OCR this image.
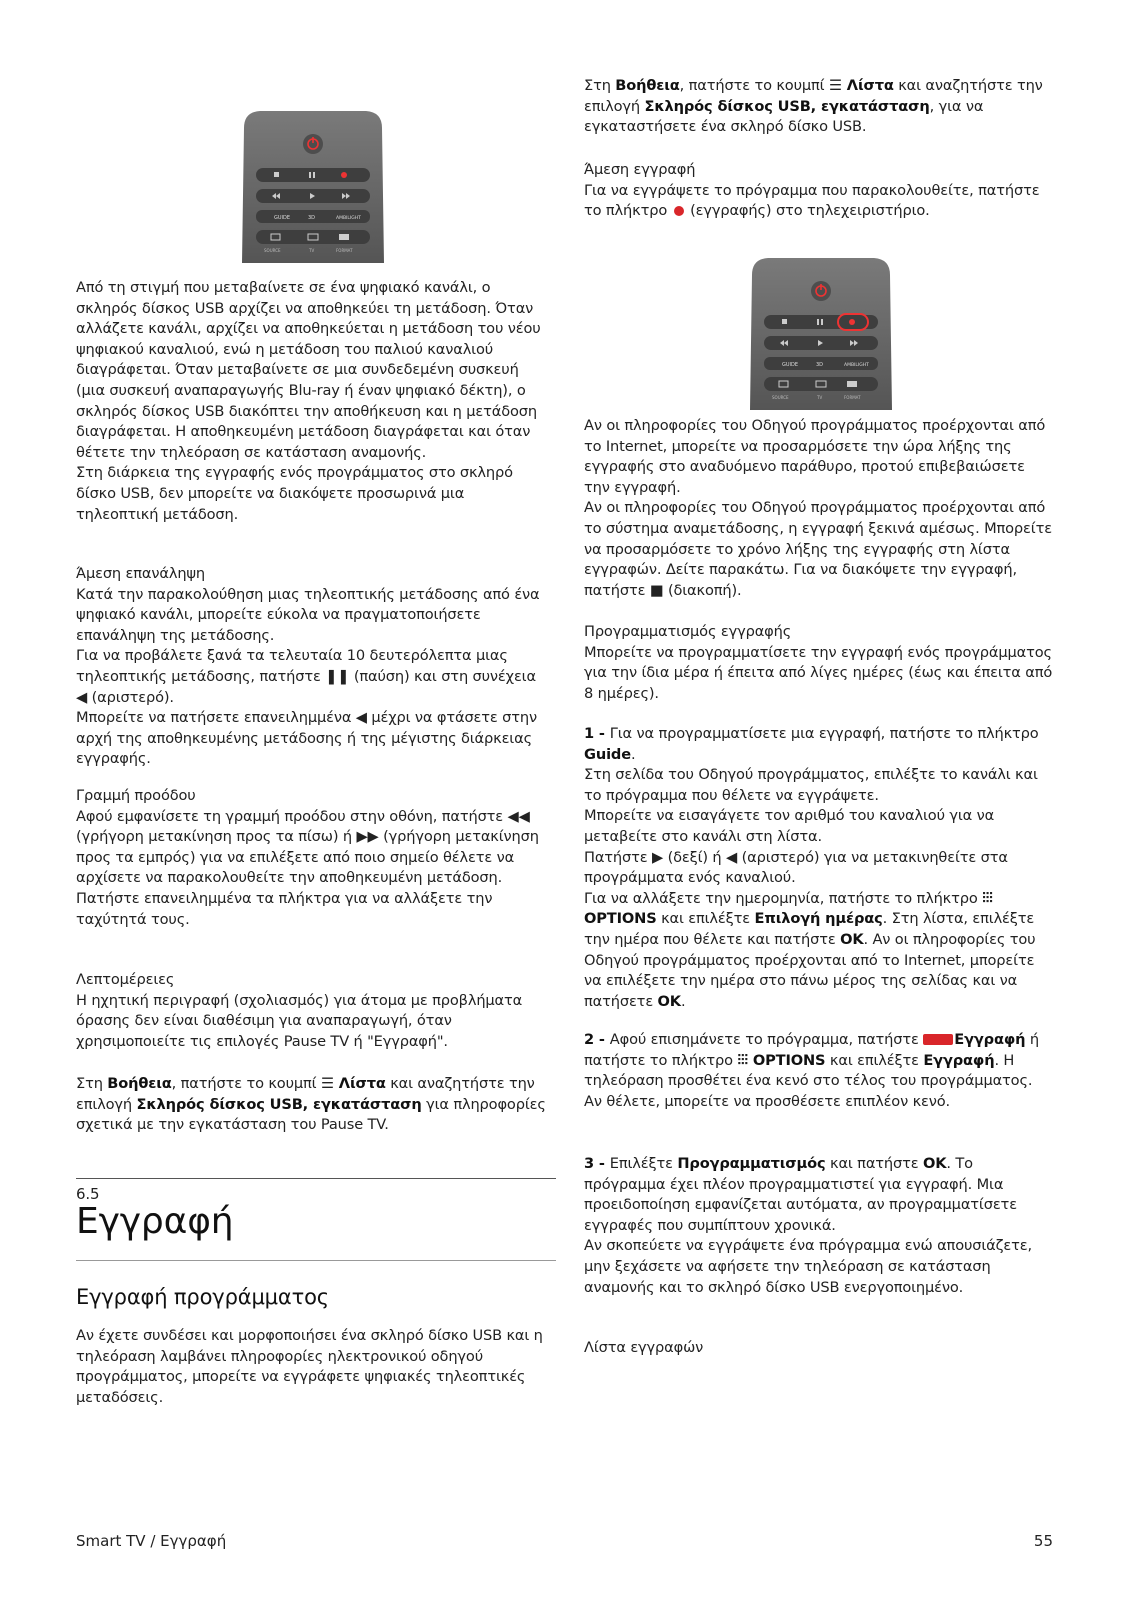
GUIDE	3D	AMBILIGHT
SOURCE	TV	FORMAT
GUIDE	3D	AMBILIGHT
SOURCE	TV	FORMAT

Από τη στιγμή που μεταβαίνετε σε ένα ψηφιακό κανάλι, ο σκληρός δίσκος USB αρχίζει να αποθηκεύει τη μετάδοση. Όταν αλλάζετε κανάλι, αρχίζει να αποθηκεύεται η μετάδοση του νέου ψηφιακού καναλιού, ενώ η μετάδοση του παλιού καναλιού διαγράφεται. Όταν μεταβαίνετε σε μια συνδεδεμένη συσκευή (μια συσκευή αναπαραγωγής Blu-ray ή έναν ψηφιακό δέκτη), ο σκληρός δίσκος USB διακόπτει την αποθήκευση και η μετάδοση διαγράφεται. Η αποθηκευμένη μετάδοση διαγράφεται και όταν θέτετε την τηλεόραση σε κατάσταση αναμονής.

Στη διάρκεια της εγγραφής ενός προγράμματος στο σκληρό δίσκο USB, δεν μπορείτε να διακόψετε προσωρινά μια τηλεοπτική μετάδοση.

Άμεση επανάληψη

Κατά την παρακολούθηση μιας τηλεοπτικής μετάδοσης από ένα ψηφιακό κανάλι, μπορείτε εύκολα να πραγματοποιήσετε επανάληψη της μετάδοσης.

Για να προβάλετε ξανά τα τελευταία 10 δευτερόλεπτα μιας τηλεοπτικής μετάδοσης, πατήστε ❚❚ (παύση) και στη συνέχεια ◀ (αριστερό).

Μπορείτε να πατήσετε επανειλημμένα ◀ μέχρι να φτάσετε στην αρχή της αποθηκευμένης μετάδοσης ή της μέγιστης διάρκειας εγγραφής.

Γραμμή προόδου

Αφού εμφανίσετε τη γραμμή προόδου στην οθόνη, πατήστε ◀◀ (γρήγορη μετακίνηση προς τα πίσω) ή ▶▶ (γρήγορη μετακίνηση προς τα εμπρός) για να επιλέξετε από ποιο σημείο θέλετε να αρχίσετε να παρακολουθείτε την αποθηκευμένη μετάδοση. Πατήστε επανειλημμένα τα πλήκτρα για να αλλάξετε την ταχύτητά τους.

Λεπτομέρειες

Η ηχητική περιγραφή (σχολιασμός) για άτομα με προβλήματα όρασης δεν είναι διαθέσιμη για αναπαραγωγή, όταν χρησιμοποιείτε τις επιλογές Pause TV ή "Εγγραφή".

Στη Βοήθεια, πατήστε το κουμπί ☰ Λίστα και αναζητήστε την επιλογή Σκληρός δίσκος USB, εγκατάσταση για πληροφορίες σχετικά με την εγκατάσταση του Pause TV.

6.5
Εγγραφή
Εγγραφή προγράμματος

Αν έχετε συνδέσει και μορφοποιήσει ένα σκληρό δίσκο USB και η τηλεόραση λαμβάνει πληροφορίες ηλεκτρονικού οδηγού προγράμματος, μπορείτε να εγγράφετε ψηφιακές τηλεοπτικές μεταδόσεις.

Στη Βοήθεια, πατήστε το κουμπί ☰ Λίστα και αναζητήστε την επιλογή Σκληρός δίσκος USB, εγκατάσταση, για να εγκαταστήσετε ένα σκληρό δίσκο USB.

Άμεση εγγραφή

Για να εγγράψετε το πρόγραμμα που παρακολουθείτε, πατήστε το πλήκτρο  (εγγραφής) στο τηλεχειριστήριο.

Αν οι πληροφορίες του Οδηγού προγράμματος προέρχονται από το Internet, μπορείτε να προσαρμόσετε την ώρα λήξης της εγγραφής στο αναδυόμενο παράθυρο, προτού επιβεβαιώσετε την εγγραφή.

Αν οι πληροφορίες του Οδηγού προγράμματος προέρχονται από το σύστημα αναμετάδοσης, η εγγραφή ξεκινά αμέσως. Μπορείτε να προσαρμόσετε το χρόνο λήξης της εγγραφής στη λίστα εγγραφών. Δείτε παρακάτω. Για να διακόψετε την εγγραφή, πατήστε ■ (διακοπή).

Προγραμματισμός εγγραφής

Μπορείτε να προγραμματίσετε την εγγραφή ενός προγράμματος για την ίδια μέρα ή έπειτα από λίγες ημέρες (έως και έπειτα από 8 ημέρες).

1 - Για να προγραμματίσετε μια εγγραφή, πατήστε το πλήκτρο Guide.

Στη σελίδα του Οδηγού προγράμματος, επιλέξτε το κανάλι και το πρόγραμμα που θέλετε να εγγράψετε.

Μπορείτε να εισαγάγετε τον αριθμό του καναλιού για να μεταβείτε στο κανάλι στη λίστα.

Πατήστε ▶ (δεξί) ή ◀ (αριστερό) για να μετακινηθείτε στα προγράμματα ενός καναλιού.

Για να αλλάξετε την ημερομηνία, πατήστε το πλήκτρο ⫶⫶⫶ OPTIONS και επιλέξτε Επιλογή ημέρας. Στη λίστα, επιλέξτε την ημέρα που θέλετε και πατήστε OK. Αν οι πληροφορίες του Οδηγού προγράμματος προέρχονται από το Internet, μπορείτε να επιλέξετε την ημέρα στο πάνω μέρος της σελίδας και να πατήσετε OK.

2 - Αφού επισημάνετε το πρόγραμμα, πατήστε Εγγραφή ή πατήστε το πλήκτρο ⫶⫶⫶ OPTIONS και επιλέξτε Εγγραφή. Η τηλεόραση προσθέτει ένα κενό στο τέλος του προγράμματος. Αν θέλετε, μπορείτε να προσθέσετε επιπλέον κενό.

3 - Επιλέξτε Προγραμματισμός και πατήστε OK. Το πρόγραμμα έχει πλέον προγραμματιστεί για εγγραφή. Μια προειδοποίηση εμφανίζεται αυτόματα, αν προγραμματίσετε εγγραφές που συμπίπτουν χρονικά.

Αν σκοπεύετε να εγγράψετε ένα πρόγραμμα ενώ απουσιάζετε, μην ξεχάσετε να αφήσετε την τηλεόραση σε κατάσταση αναμονής και το σκληρό δίσκο USB ενεργοποιημένο.

Λίστα εγγραφών

Smart TV / Εγγραφή	55
